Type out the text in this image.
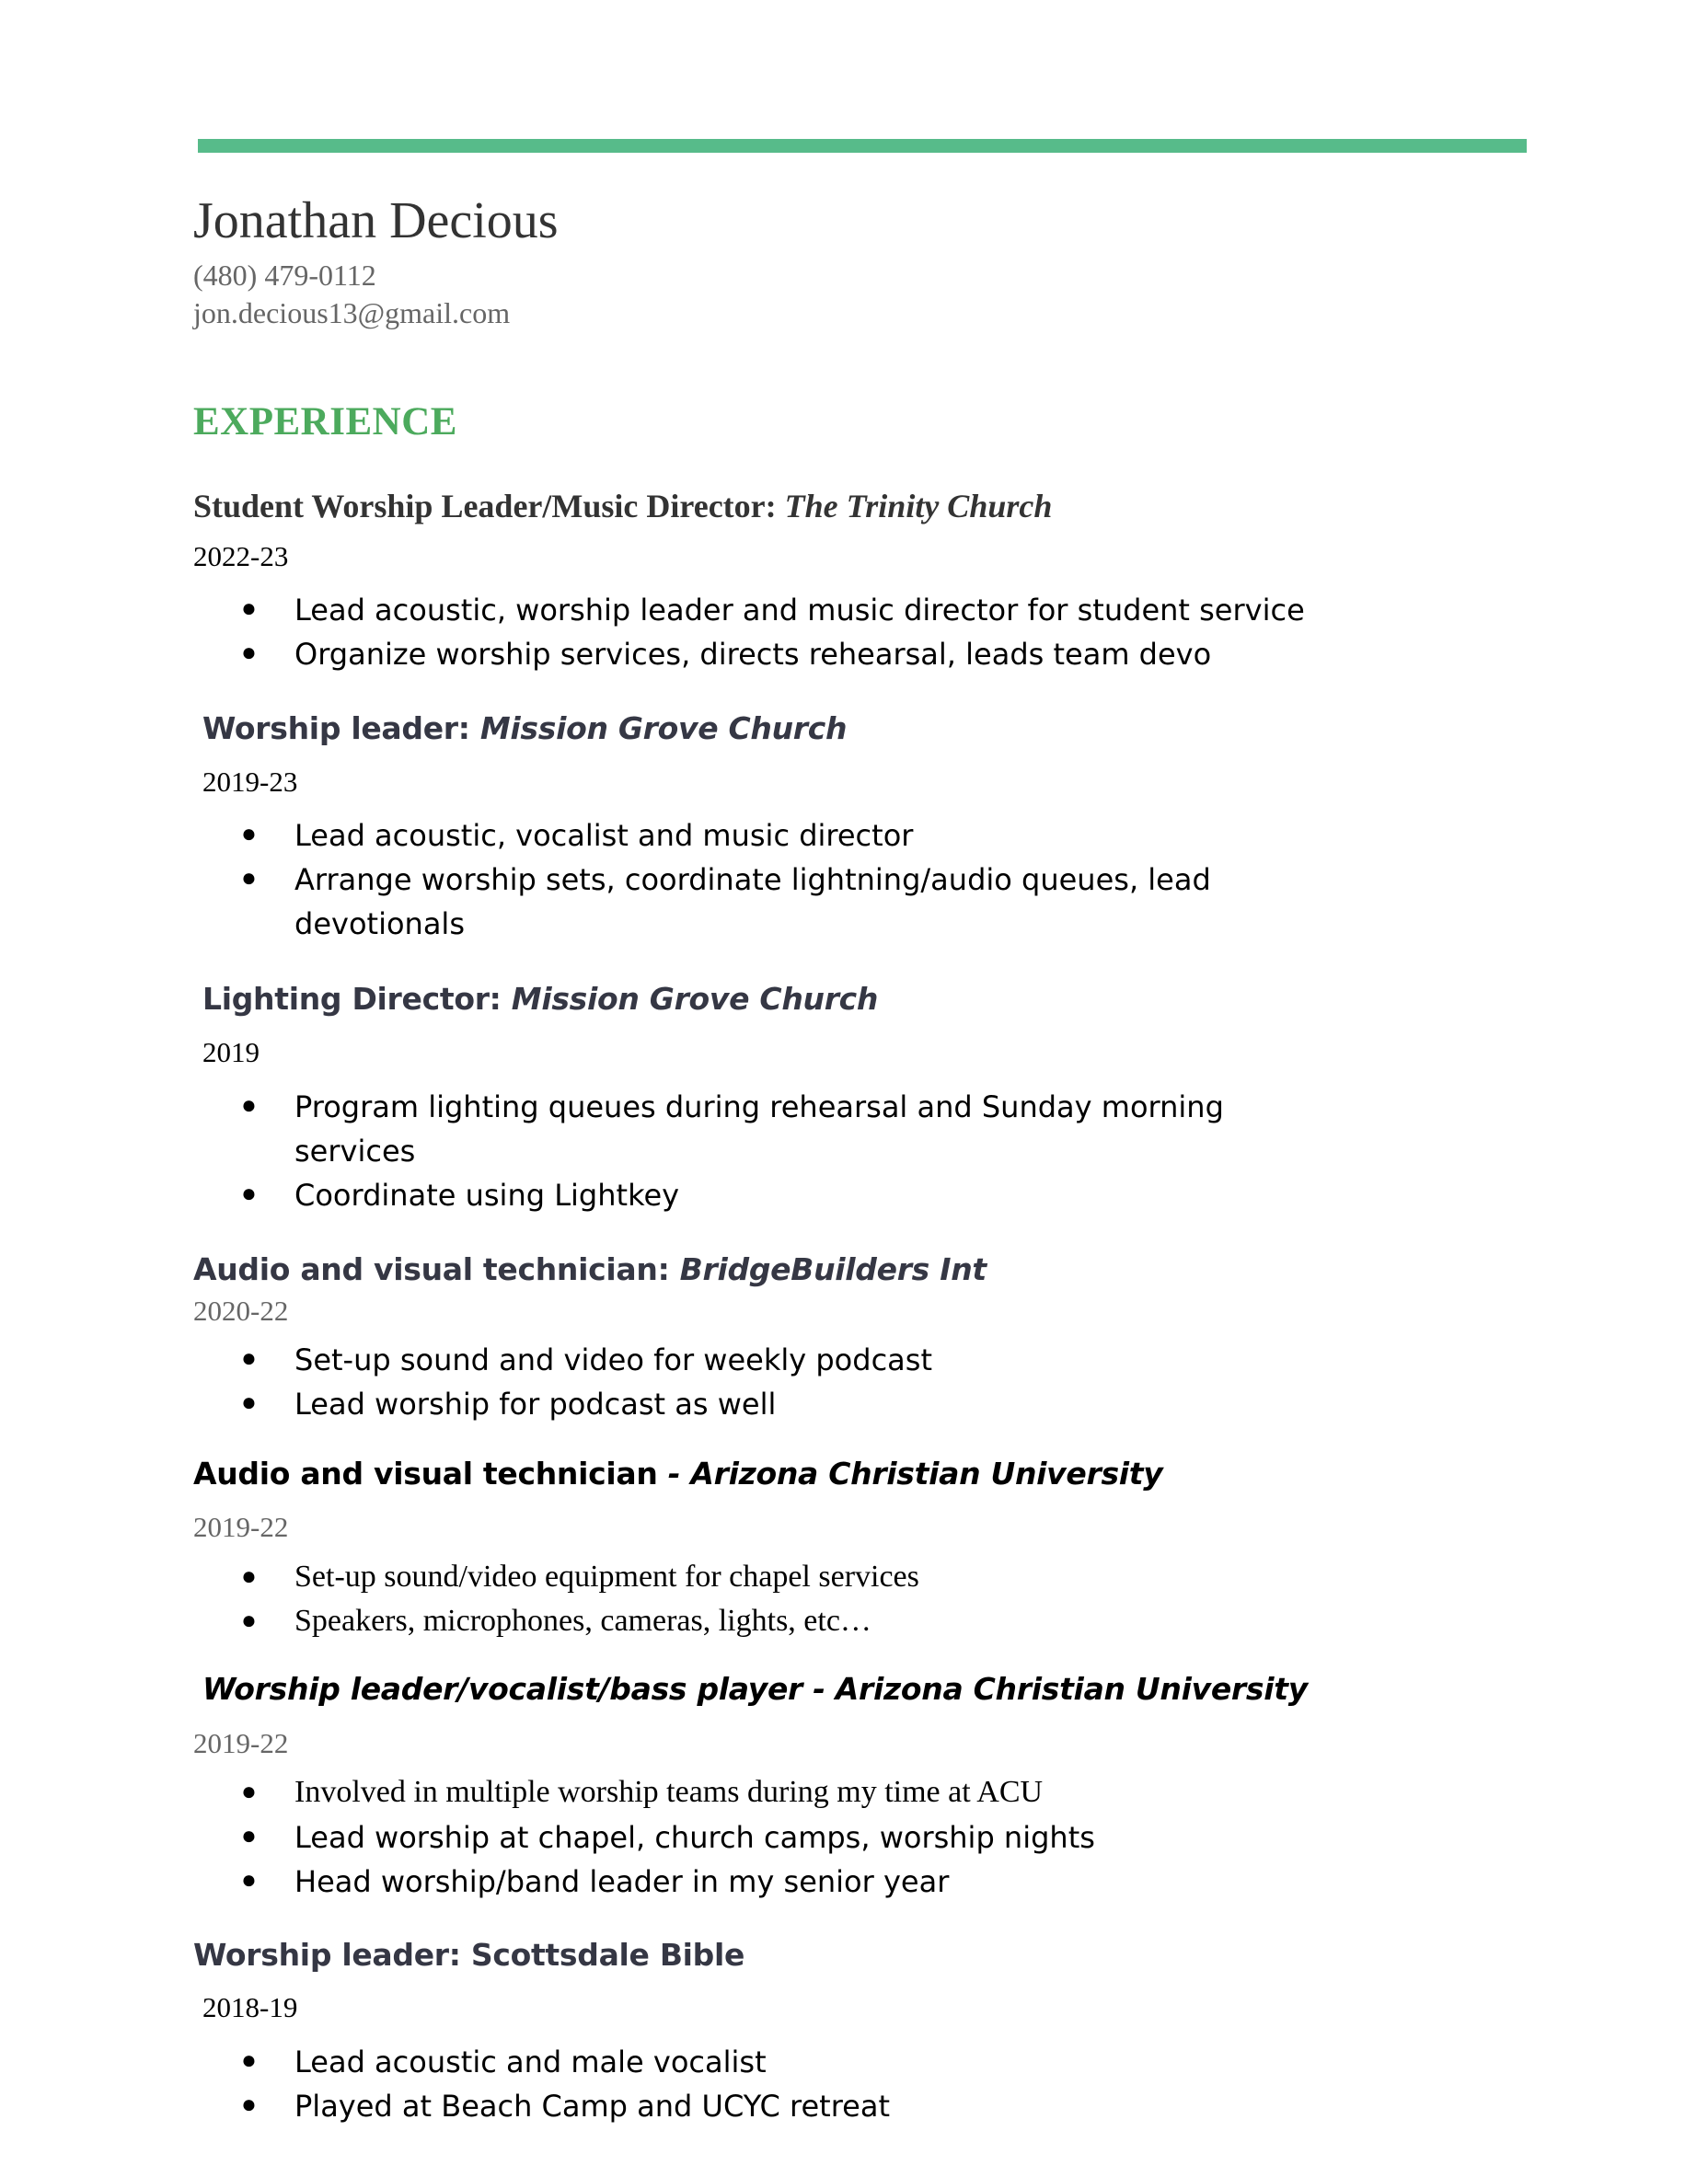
Jonathan Decious
(480) 479-0112
jon.decious13@gmail.com
EXPERIENCE
Student Worship Leader/Music Director: The Trinity Church
2022-23
● Lead acoustic, worship leader and music director for student service
● Organize worship services, directs rehearsal, leads team devo
Worship leader: Mission Grove Church
2019-23
● Lead acoustic, vocalist and music director
● Arrange worship sets, coordinate lightning/audio queues, lead
devotionals
Lighting Director: Mission Grove Church
2019
● Program lighting queues during rehearsal and Sunday morning
services
● Coordinate using Lightkey
Audio and visual technician: BridgeBuilders Int
2020-22
● Set-up sound and video for weekly podcast
● Lead worship for podcast as well
Audio and visual technician - Arizona Christian University
2019-22
● Set-up sound/video equipment for chapel services
● Speakers, microphones, cameras, lights, etc…
Worship leader/vocalist/bass player - Arizona Christian University
2019-22
● Involved in multiple worship teams during my time at ACU
● Lead worship at chapel, church camps, worship nights
● Head worship/band leader in my senior year
Worship leader: Scottsdale Bible
2018-19
● Lead acoustic and male vocalist
● Played at Beach Camp and UCYC retreat
